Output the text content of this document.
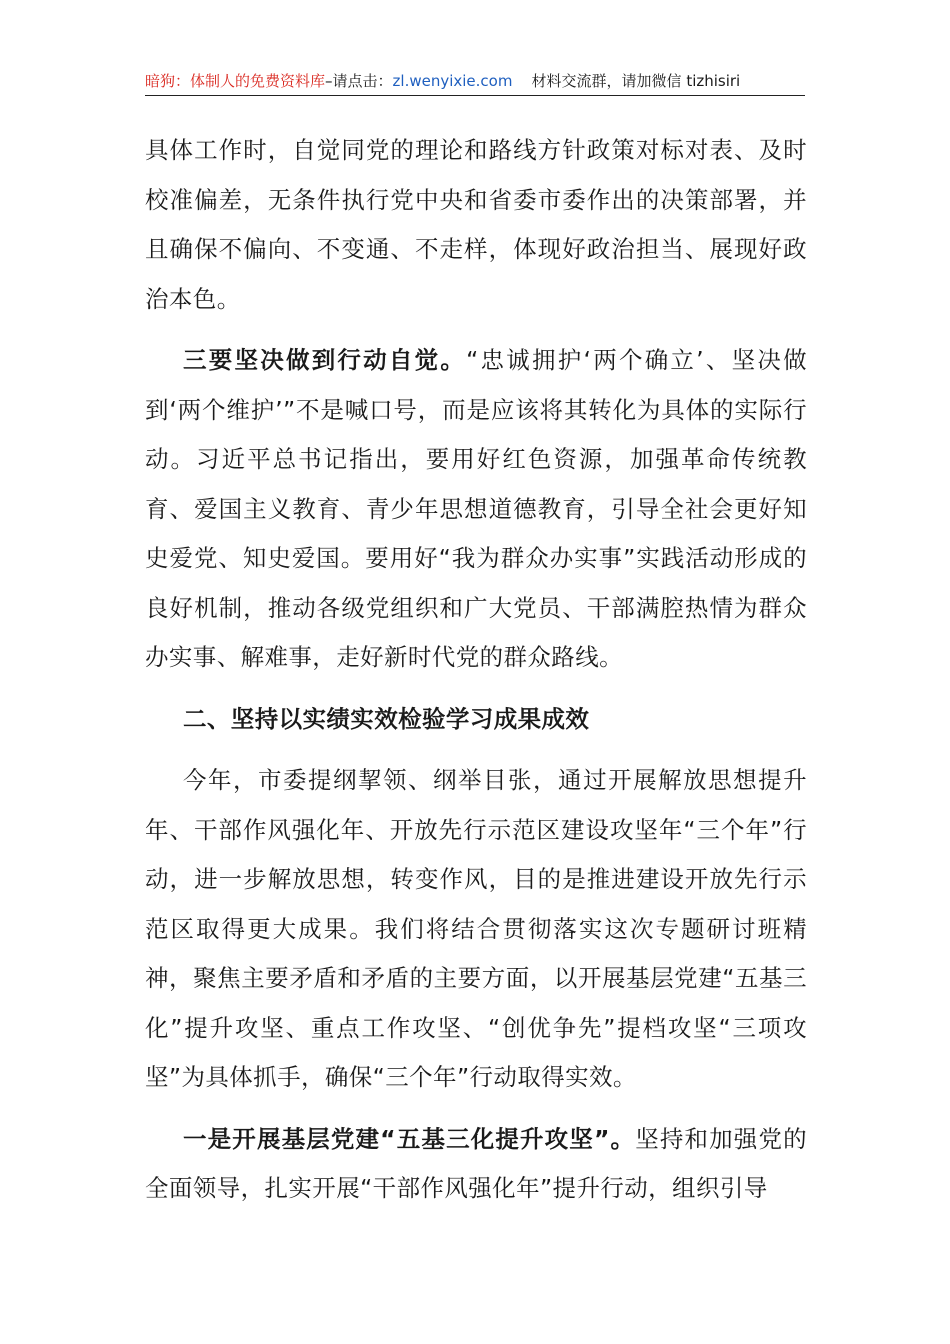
暗狗：体制人的免费资料库–请点击：zl.wenyixie.com 材料交流群，请加微信 tizhisiri

具体工作时，自觉同党的理论和路线方针政策对标对表、及时校准偏差，无条件执行党中央和省委市委作出的决策部署，并且确保不偏向、不变通、不走样，体现好政治担当、展现好政治本色。

三要坚决做到行动自觉。“忠诚拥护‘两个确立’、坚决做到‘两个维护’”不是喊口号，而是应该将其转化为具体的实际行动。习近平总书记指出，要用好红色资源，加强革命传统教育、爱国主义教育、青少年思想道德教育，引导全社会更好知史爱党、知史爱国。要用好“我为群众办实事”实践活动形成的良好机制，推动各级党组织和广大党员、干部满腔热情为群众办实事、解难事，走好新时代党的群众路线。

二、坚持以实绩实效检验学习成果成效

今年，市委提纲挈领、纲举目张，通过开展解放思想提升年、干部作风强化年、开放先行示范区建设攻坚年“三个年”行动，进一步解放思想，转变作风，目的是推进建设开放先行示范区取得更大成果。我们将结合贯彻落实这次专题研讨班精神，聚焦主要矛盾和矛盾的主要方面，以开展基层党建“五基三化”提升攻坚、重点工作攻坚、“创优争先”提档攻坚“三项攻坚”为具体抓手，确保“三个年”行动取得实效。

一是开展基层党建“五基三化提升攻坚”。坚持和加强党的全面领导，扎实开展“干部作风强化年”提升行动，组织引导
